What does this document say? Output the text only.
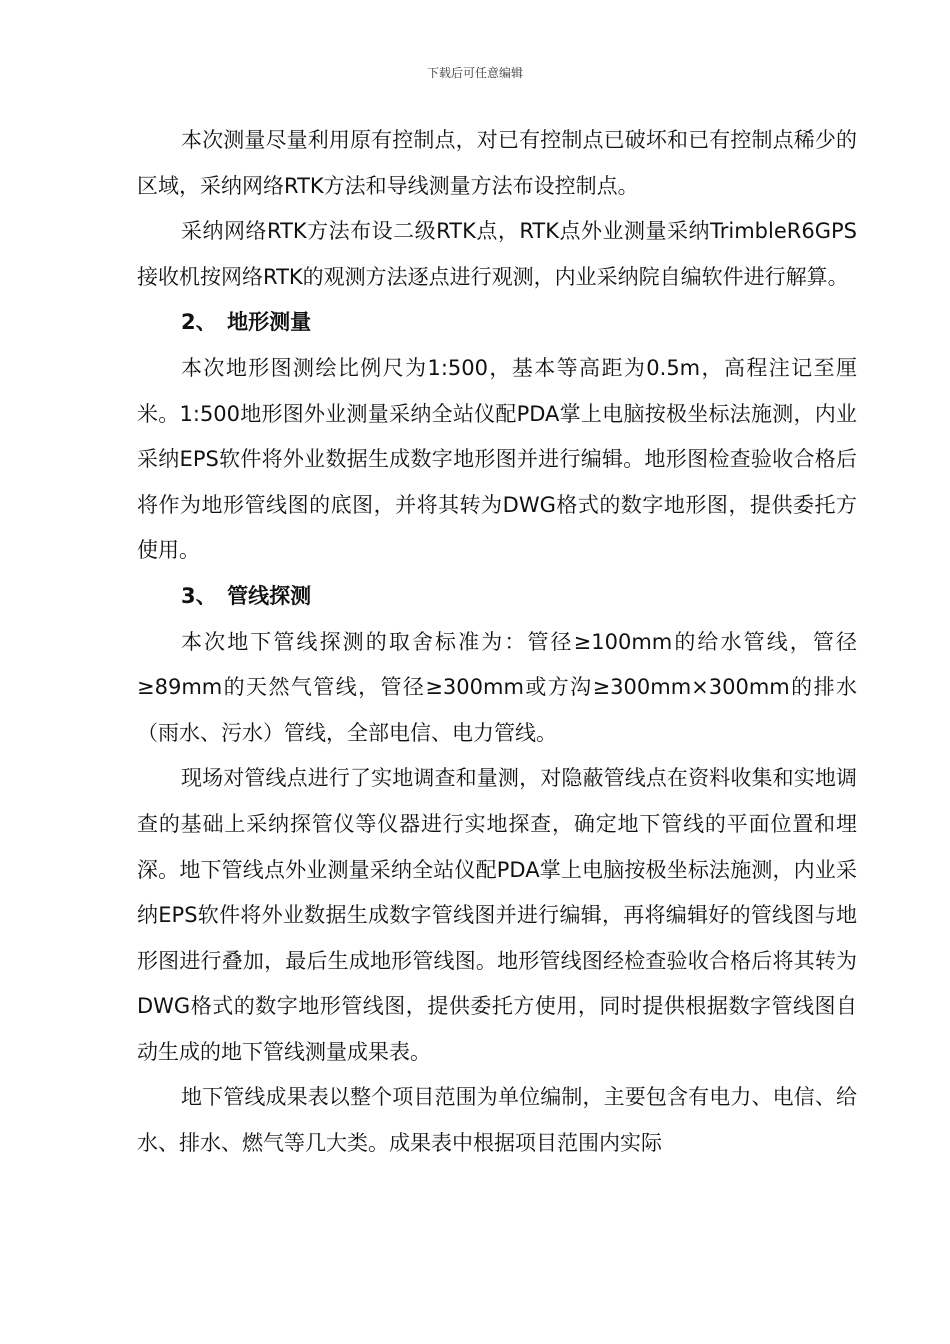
下载后可任意编辑

本次测量尽量利用原有控制点，对已有控制点已破坏和已有控制点稀少的区域，采纳网络RTK方法和导线测量方法布设控制点。

采纳网络RTK方法布设二级RTK点，RTK点外业测量采纳TrimbleR6GPS接收机按网络RTK的观测方法逐点进行观测，内业采纳院自编软件进行解算。

2、　地形测量

本次地形图测绘比例尺为1:500，基本等高距为0.5m，高程注记至厘米。1:500地形图外业测量采纳全站仪配PDA掌上电脑按极坐标法施测，内业采纳EPS软件将外业数据生成数字地形图并进行编辑。地形图检查验收合格后将作为地形管线图的底图，并将其转为DWG格式的数字地形图，提供委托方使用。

3、　管线探测

本次地下管线探测的取舍标准为：管径≥100mm的给水管线，管径≥89mm的天然气管线，管径≥300mm或方沟≥300mm×300mm的排水（雨水、污水）管线，全部电信、电力管线。

现场对管线点进行了实地调查和量测，对隐蔽管线点在资料收集和实地调查的基础上采纳探管仪等仪器进行实地探查，确定地下管线的平面位置和埋深。地下管线点外业测量采纳全站仪配PDA掌上电脑按极坐标法施测，内业采纳EPS软件将外业数据生成数字管线图并进行编辑，再将编辑好的管线图与地形图进行叠加，最后生成地形管线图。地形管线图经检查验收合格后将其转为DWG格式的数字地形管线图，提供委托方使用，同时提供根据数字管线图自动生成的地下管线测量成果表。

地下管线成果表以整个项目范围为单位编制，主要包含有电力、电信、给水、排水、燃气等几大类。成果表中根据项目范围内实际
